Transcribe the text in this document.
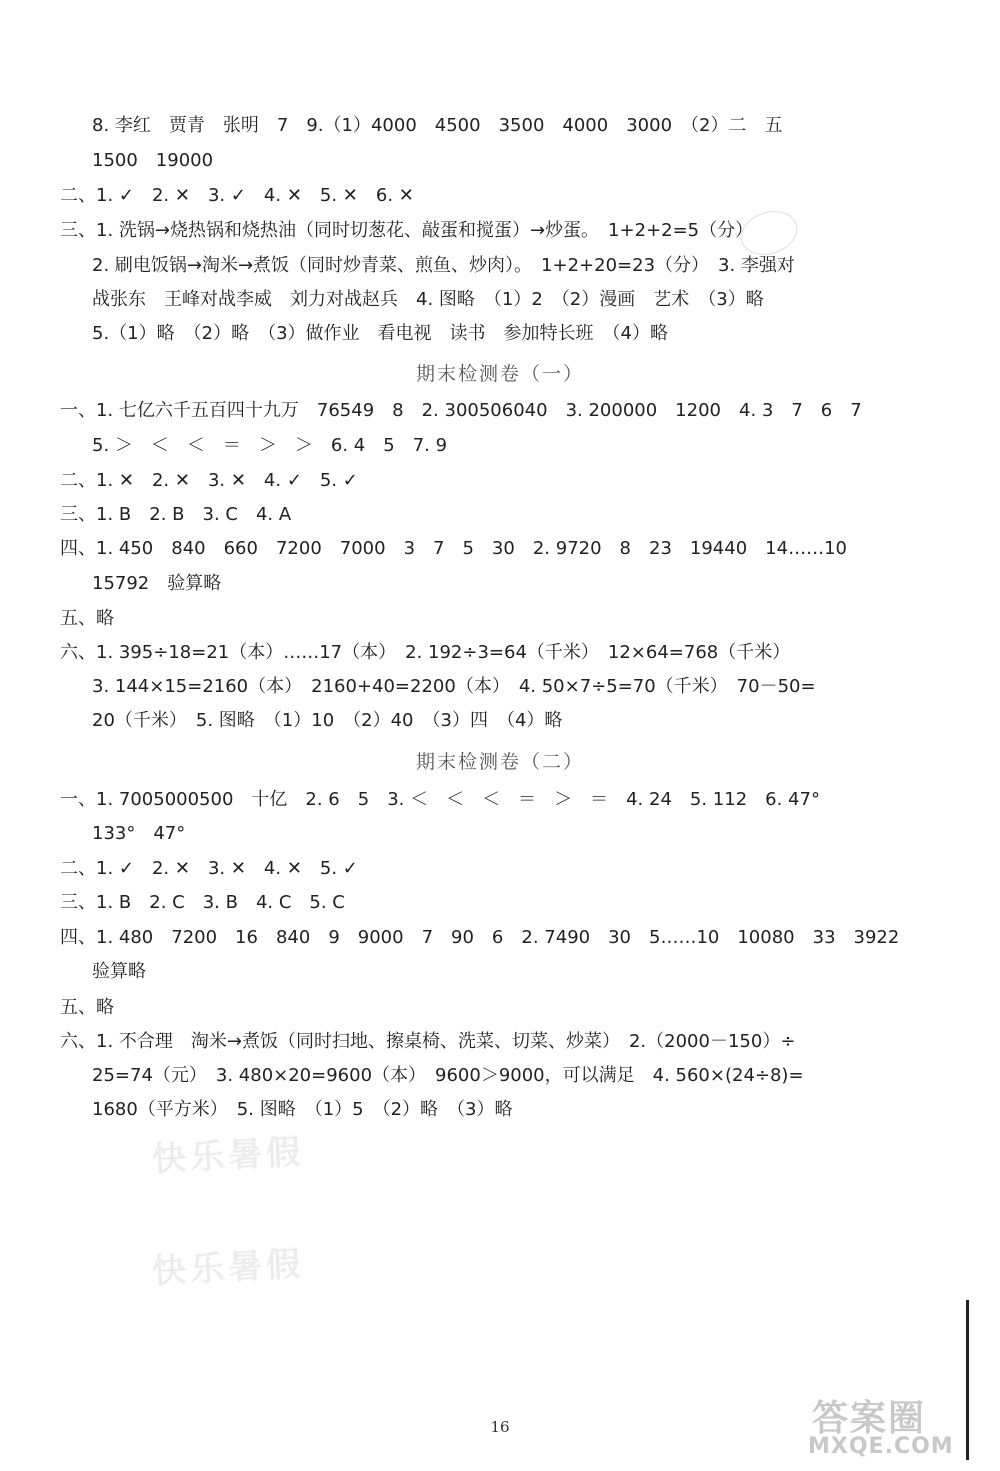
8. 李红　贾青　张明　7　9.（1）4000　4500　3500　4000　3000　（2）二　五
1500　19000
二、1. ✓　2. ✕　3. ✓　4. ✕　5. ✕　6. ✕
三、1. 洗锅→烧热锅和烧热油（同时切葱花、敲蛋和搅蛋）→炒蛋。　1+2+2=5（分）
2. 刷电饭锅→淘米→煮饭（同时炒青菜、煎鱼、炒肉）。　1+2+20=23（分）　3. 李强对
战张东　王峰对战李威　刘力对战赵兵　4. 图略　（1）2　（2）漫画　艺术　（3）略
5.（1）略　（2）略　（3）做作业　看电视　读书　参加特长班　（4）略
期末检测卷（一）
一、1. 七亿六千五百四十九万　76549　8　2. 300506040　3. 200000　1200　4. 3　7　6　7
5. ＞　＜　＜　＝　＞　＞　6. 4　5　7. 9
二、1. ✕　2. ✕　3. ✕　4. ✓　5. ✓
三、1. B　2. B　3. C　4. A
四、1. 450　840　660　7200　7000　3　7　5　30　2. 9720　8　23　19440　14……10
15792　验算略
五、略
六、1. 395÷18=21（本）……17（本）　2. 192÷3=64（千米）　12×64=768（千米）
3. 144×15=2160（本）　2160+40=2200（本）　4. 50×7÷5=70（千米）　70－50=
20（千米）　5. 图略　（1）10　（2）40　（3）四　（4）略
期末检测卷（二）
一、1. 7005000500　十亿　2. 6　5　3. ＜　＜　＜　＝　＞　＝　4. 24　5. 112　6. 47°
133°　47°
二、1. ✓　2. ✕　3. ✕　4. ✕　5. ✓
三、1. B　2. C　3. B　4. C　5. C
四、1. 480　7200　16　840　9　9000　7　90　6　2. 7490　30　5……10　10080　33　3922
验算略
五、略
六、1. 不合理　淘米→煮饭（同时扫地、擦桌椅、洗菜、切菜、炒菜）　2.（2000－150）÷
25=74（元）　3. 480×20=9600（本）　9600＞9000，可以满足　4. 560×(24÷8)=
1680（平方米）　5. 图略　（1）5　（2）略　（3）略
快乐暑假
快乐暑假
答案圈
MXQE.COM
16
